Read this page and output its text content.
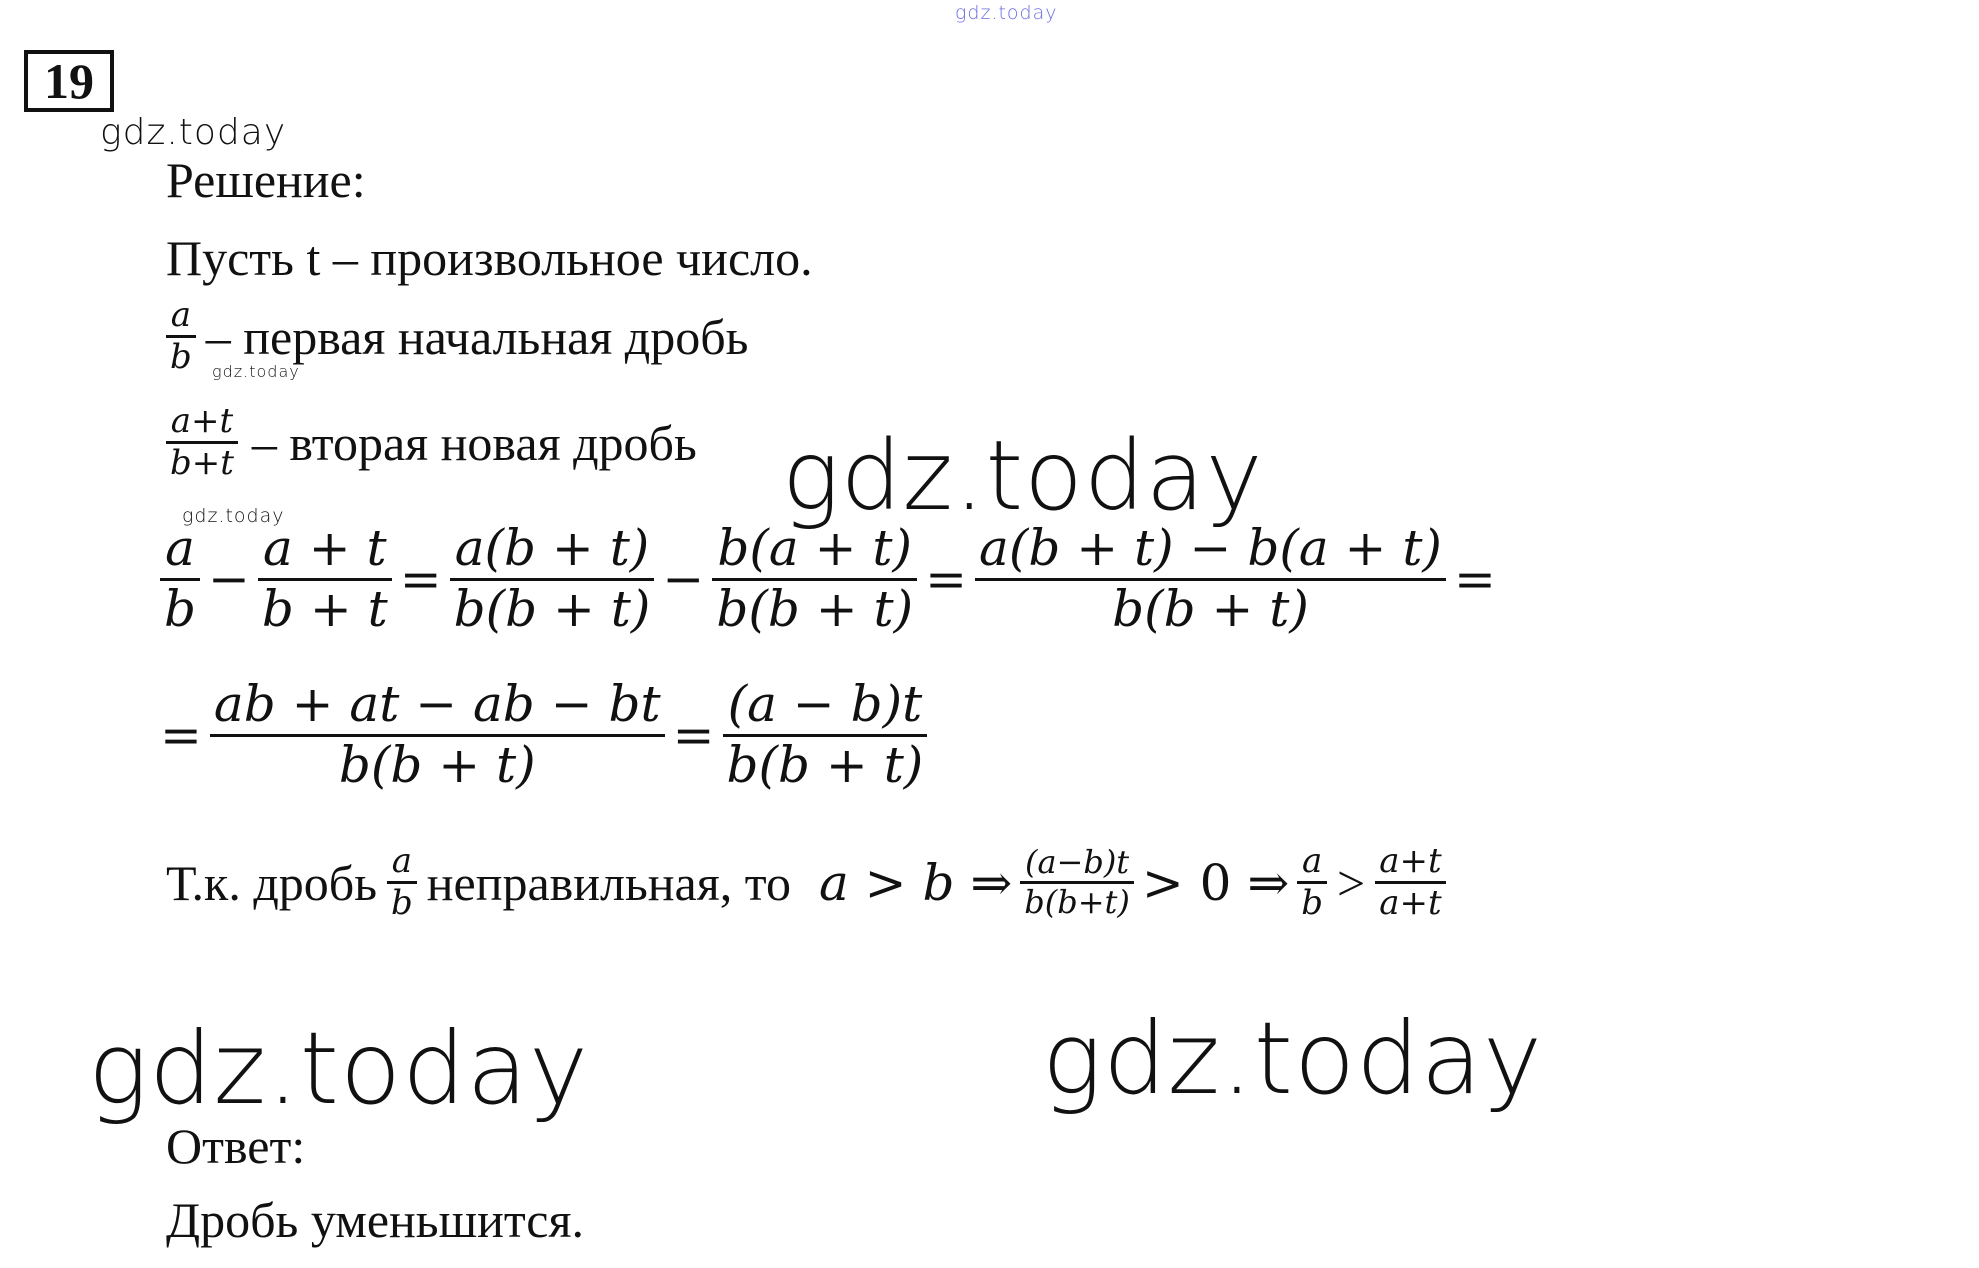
gdz.today
19
gdz.today
Решение:
Пусть t – произвольное число.
$\frac{a}{b}$ – первая начальная дробь
gdz.today
$\frac{a+t}{b+t}$ – вторая новая дробь
gdz.today
$\frac{a}{b} - \frac{a + t}{b + t} = \frac{a(b + t)}{b(b + t)} - \frac{b(a + t)}{b(b + t)} = \frac{a(b + t) - b(a + t)}{b(b + t)}$ =
gdz.today
= $\frac{ab + at - ab - bt}{b(b + t)} = \frac{(a - b)t}{b(b + t)}$
Т.к. дробь $\frac{a}{b}$ неправильная, то a > b ⇒ $\frac{(a-b)t}{b(b+t)} > 0$ ⇒ $\frac{a}{b} > \frac{a+t}{a+t}$
gdz.today	gdz.today
Ответ:
Дробь уменьшится.
